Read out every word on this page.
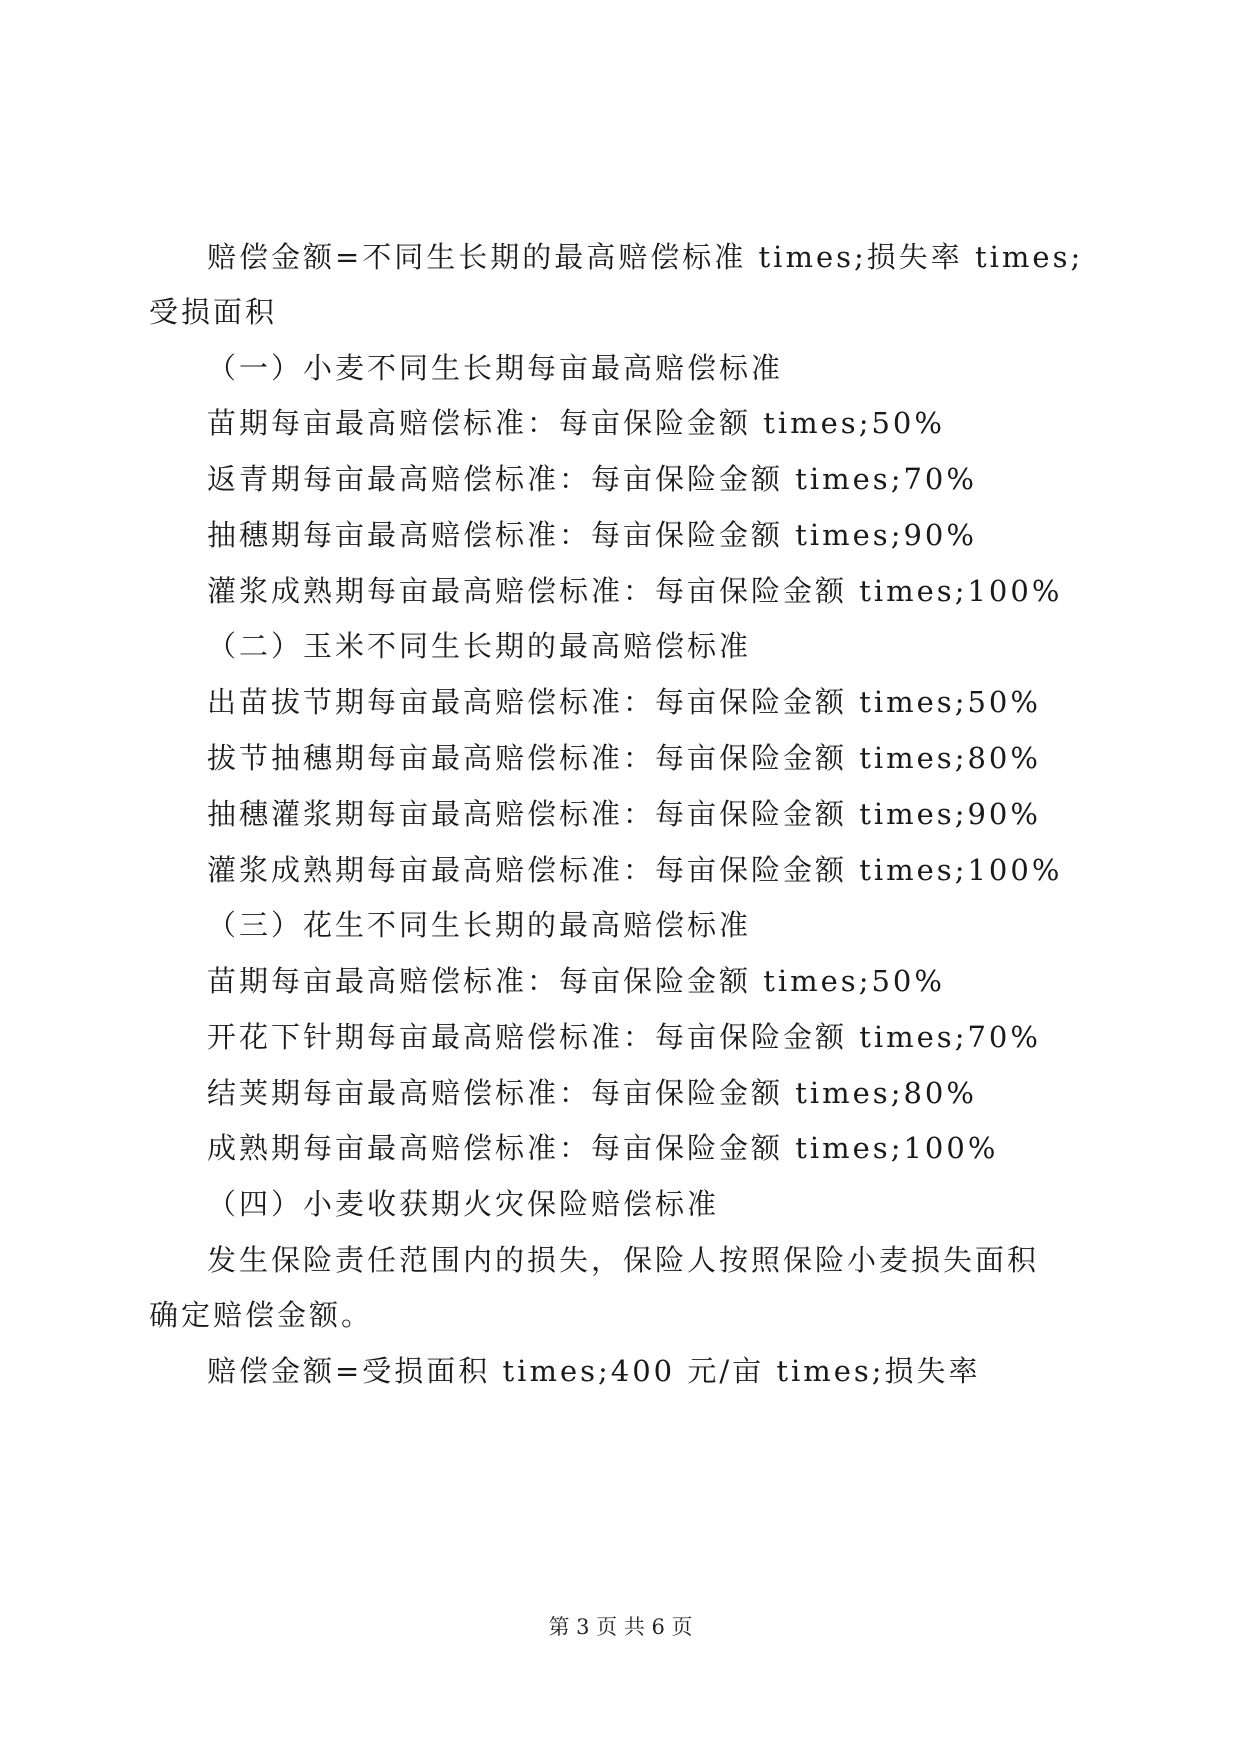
赔偿金额=不同生长期的最高赔偿标准 times;损失率 times;
受损面积
（一）小麦不同生长期每亩最高赔偿标准
苗期每亩最高赔偿标准：每亩保险金额 times;50%
返青期每亩最高赔偿标准：每亩保险金额 times;70%
抽穗期每亩最高赔偿标准：每亩保险金额 times;90%
灌浆成熟期每亩最高赔偿标准：每亩保险金额 times;100%
（二）玉米不同生长期的最高赔偿标准
出苗拔节期每亩最高赔偿标准：每亩保险金额 times;50%
拔节抽穗期每亩最高赔偿标准：每亩保险金额 times;80%
抽穗灌浆期每亩最高赔偿标准：每亩保险金额 times;90%
灌浆成熟期每亩最高赔偿标准：每亩保险金额 times;100%
（三）花生不同生长期的最高赔偿标准
苗期每亩最高赔偿标准：每亩保险金额 times;50%
开花下针期每亩最高赔偿标准：每亩保险金额 times;70%
结荚期每亩最高赔偿标准：每亩保险金额 times;80%
成熟期每亩最高赔偿标准：每亩保险金额 times;100%
（四）小麦收获期火灾保险赔偿标准
发生保险责任范围内的损失，保险人按照保险小麦损失面积
确定赔偿金额。
赔偿金额=受损面积 times;400 元/亩 times;损失率
第 3 页 共 6 页
